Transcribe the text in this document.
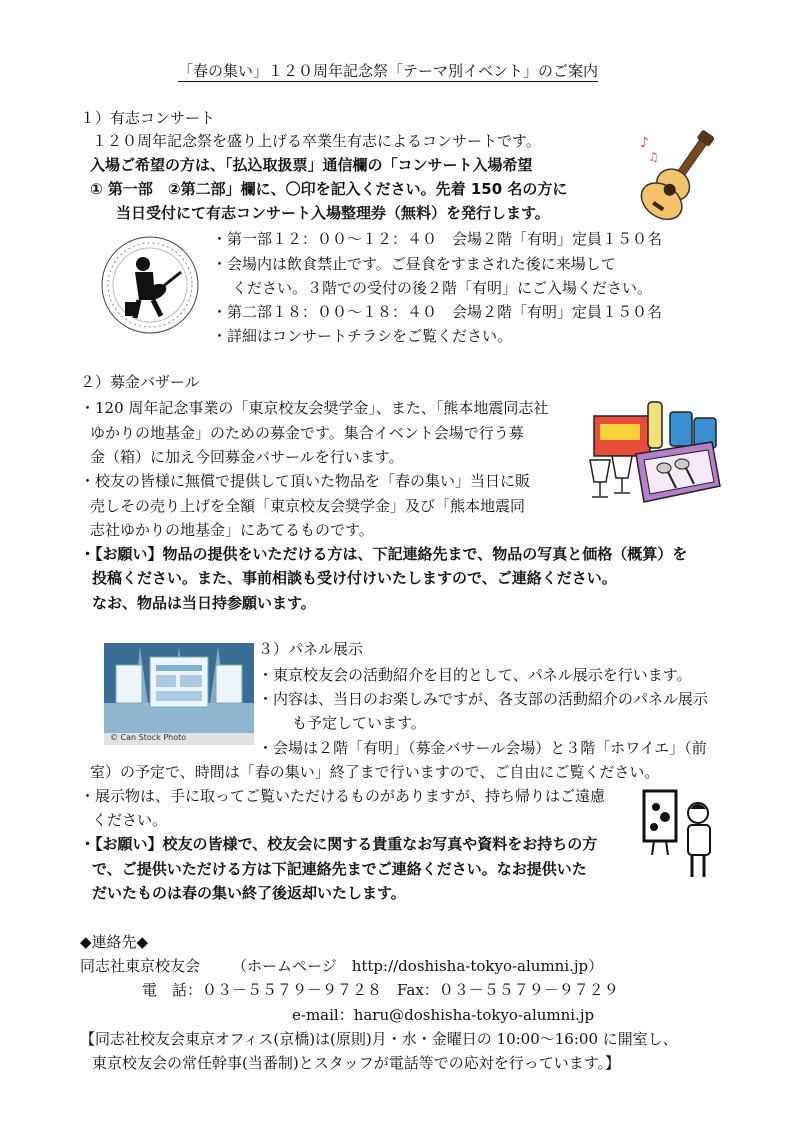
「春の集い」１２０周年記念祭「テーマ別イベント」のご案内
１）有志コンサート
１２０周年記念祭を盛り上げる卒業生有志によるコンサートです。
入場ご希望の方は、「払込取扱票」通信欄の「コンサート入場希望
① 第一部　②第二部」欄に、〇印を記入ください。先着 150 名の方に
当日受付にて有志コンサート入場整理券（無料）を発行します。
・第一部１２：００〜１２：４０　会場２階「有明」定員１５０名
・会場内は飲食禁止です。ご昼食をすまされた後に来場して
ください。３階での受付の後２階「有明」にご入場ください。
・第二部１８：００〜１８：４０　会場２階「有明」定員１５０名
・詳細はコンサートチラシをご覧ください。
♪
♫
２）募金バザール
・120 周年記念事業の「東京校友会奨学金」、また、「熊本地震同志社
ゆかりの地基金」のための募金です。集合イベント会場で行う募
金（箱）に加え今回募金バサールを行います。
・校友の皆様に無償で提供して頂いた物品を「春の集い」当日に販
売しその売り上げを全額「東京校友会奨学金」及び「熊本地震同
志社ゆかりの地基金」にあてるものです。
・【お願い】物品の提供をいただける方は、下記連絡先まで、物品の写真と価格（概算）を
投稿ください。また、事前相談も受け付けいたしますので、ご連絡ください。
なお、物品は当日持参願います。
３）パネル展示
・東京校友会の活動紹介を目的として、パネル展示を行います。
・内容は、当日のお楽しみですが、各支部の活動紹介のパネル展示
も予定しています。
・会場は２階「有明」（募金バサール会場）と３階「ホワイエ」（前
室）の予定で、時間は「春の集い」終了まで行いますので、ご自由にご覧ください。
・展示物は、手に取ってご覧いただけるものがありますが、持ち帰りはご遠慮
ください。
・【お願い】校友の皆様で、校友会に関する貴重なお写真や資料をお持ちの方
で、ご提供いただける方は下記連絡先までご連絡ください。なお提供いた
だいたものは春の集い終了後返却いたします。
© Can Stock Photo
◆連絡先◆
同志社東京校友会 （ホームページ　http://doshisha-tokyo-alumni.jp）
電　話：０３－５５７９－９７２８　Fax：０３－５５７９－９７２９
e-mail：haru@doshisha-tokyo-alumni.jp
【同志社校友会東京オフィス(京橋)は(原則)月・水・金曜日の 10:00〜16:00 に開室し、
東京校友会の常任幹事(当番制)とスタッフが電話等での応対を行っています。】
